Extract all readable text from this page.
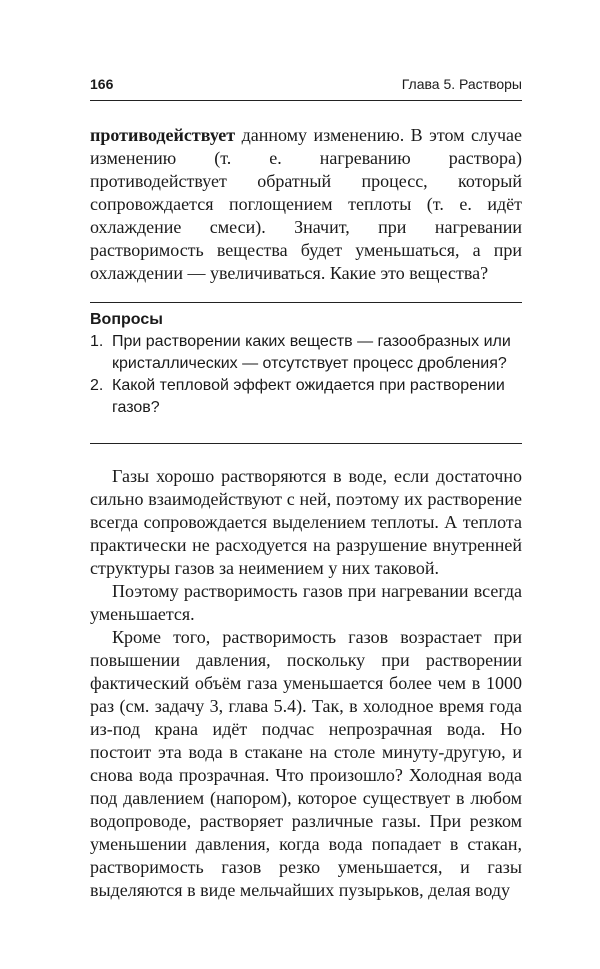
166	Глава 5. Растворы

противодействует данному изменению. В этом случае изменению (т. е. нагреванию раствора) противодействует обратный процесс, который сопровождается поглощением теплоты (т. е. идёт охлаждение смеси). Значит, при нагревании растворимость вещества будет уменьшаться, а при охлаждении — увеличиваться. Какие это вещества?

Вопросы
1. При растворении каких веществ — газообразных или кристаллических — отсутствует процесс дробления?
2. Какой тепловой эффект ожидается при растворении газов?

Газы хорошо растворяются в воде, если достаточно сильно взаимодействуют с ней, поэтому их растворение всегда сопровождается выделением теплоты. А теплота практически не расходуется на разрушение внутренней структуры газов за неимением у них таковой.

Поэтому растворимость газов при нагревании всегда уменьшается.

Кроме того, растворимость газов возрастает при повышении давления, поскольку при растворении фактический объём газа уменьшается более чем в 1000 раз (см. задачу 3, глава 5.4). Так, в холодное время года из-под крана идёт подчас непрозрачная вода. Но постоит эта вода в стакане на столе минуту-другую, и снова вода прозрачная. Что произошло? Холодная вода под давлением (напором), которое существует в любом водопроводе, растворяет различные газы. При резком уменьшении давления, когда вода попадает в стакан, растворимость газов резко уменьшается, и газы выделяются в виде мельчайших пузырьков, делая воду
